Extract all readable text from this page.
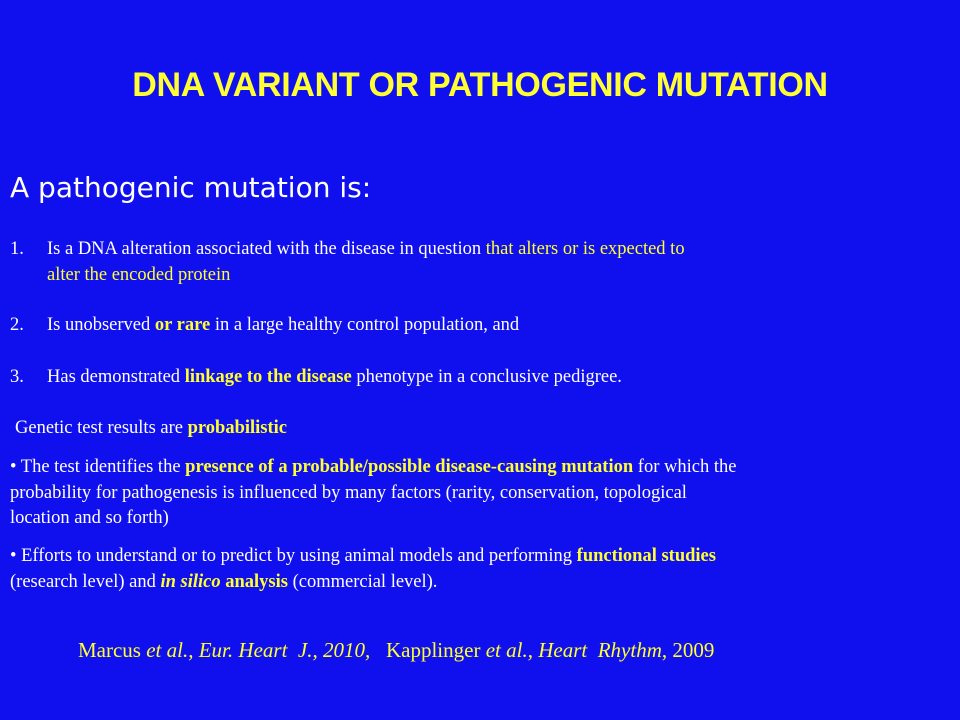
DNA VARIANT OR PATHOGENIC MUTATION
A pathogenic mutation is:
1.	Is a DNA alteration associated with the disease in question that alters or is expected to
alter the encoded protein
2.	Is unobserved or rare in a large healthy control population, and
3.	Has demonstrated linkage to the disease phenotype in a conclusive pedigree.
Genetic test results are probabilistic
• The test identifies the presence of a probable/possible disease-causing mutation for which the
probability for pathogenesis is influenced by many factors (rarity, conservation, topological
location and so forth)
• Efforts to understand or to predict by using animal models and performing functional studies
(research level) and in silico analysis (commercial level).
Marcus et al., Eur. Heart  J., 2010, Kapplinger et al., Heart  Rhythm, 2009
